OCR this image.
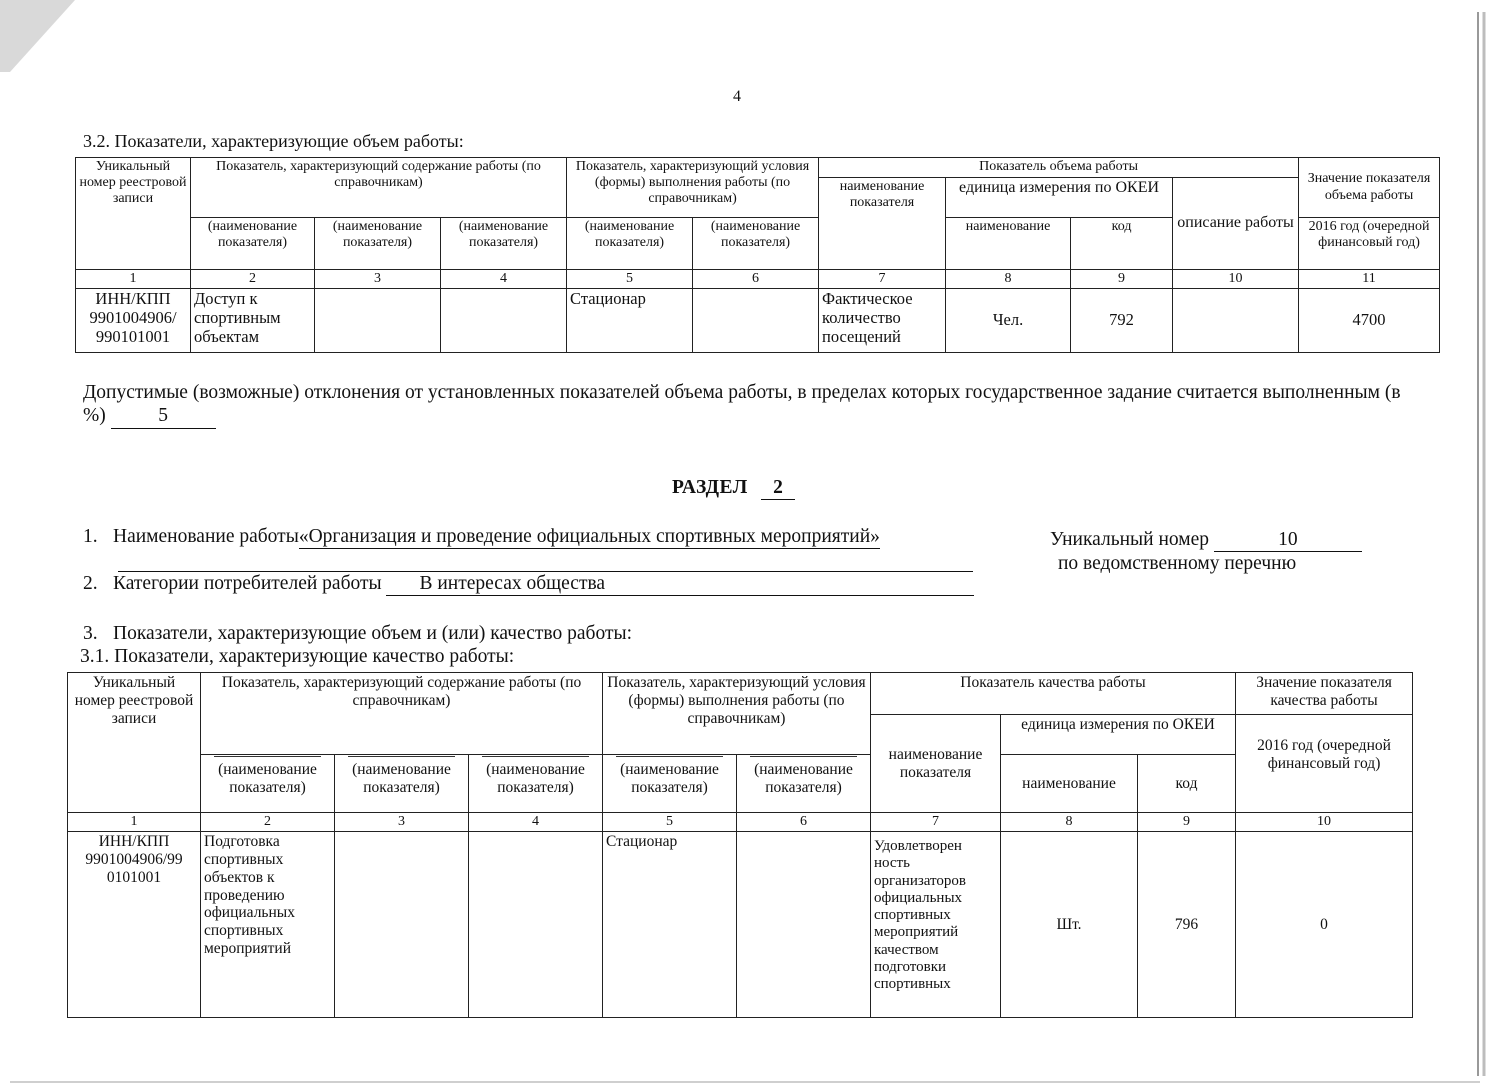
4
3.2. Показатели, характеризующие объем работы:
Уникальный номер реестровой записи	Показатель, характеризующий содержание работы (по справочникам)			Показатель, характеризующий условия (формы) выполнения работы (по справочникам)		Показатель объема работы				Значение показателя объема работы
						наименование показателя	единица измерения по ОКЕИ		описание работы	
	(наименование показателя)	(наименование показателя)	(наименование показателя)	(наименование показателя)	(наименование показателя)		наименование	код		2016 год (очередной финансовый год)
1	2	3	4	5	6	7	8	9	10	11
ИНН/КПП 9901004906/ 990101001	Доступ к спортивным объектам			Стационар		Фактическое количество посещений	Чел.	792		4700
Допустимые (возможные) отклонения от установленных показателей объема работы, в пределах которых государственное задание считается выполненным (в %)	5
РАЗДЕЛ 2
1. Наименование работы«Организация и проведение официальных спортивных мероприятий»	Уникальный номер	10
по ведомственному перечню
2. Категории потребителей работы В интересах общества
3. Показатели, характеризующие объем и (или) качество работы:
3.1. Показатели, характеризующие качество работы:
Уникальный номер реестровой записи	Показатель, характеризующий содержание работы (по справочникам)			Показатель, характеризующий условия (формы) выполнения работы (по справочникам)		Показатель качества работы			Значение показателя качества работы
						наименование показателя	единица измерения по ОКЕИ		2016 год (очередной финансовый год)

(наименование показателя)	(наименование показателя)	(наименование показателя)	(наименование показателя)	(наименование показателя)		наименование	код	
1	2	3	4	5	6	7	8	9	10
ИНН/КПП 9901004906/99 0101001	Подготовка спортивных объектов к проведению официальных спортивных мероприятий			Стационар		Удовлетворен ность организаторов официальных спортивных мероприятий качеством подготовки спортивных	Шт.	796	0
